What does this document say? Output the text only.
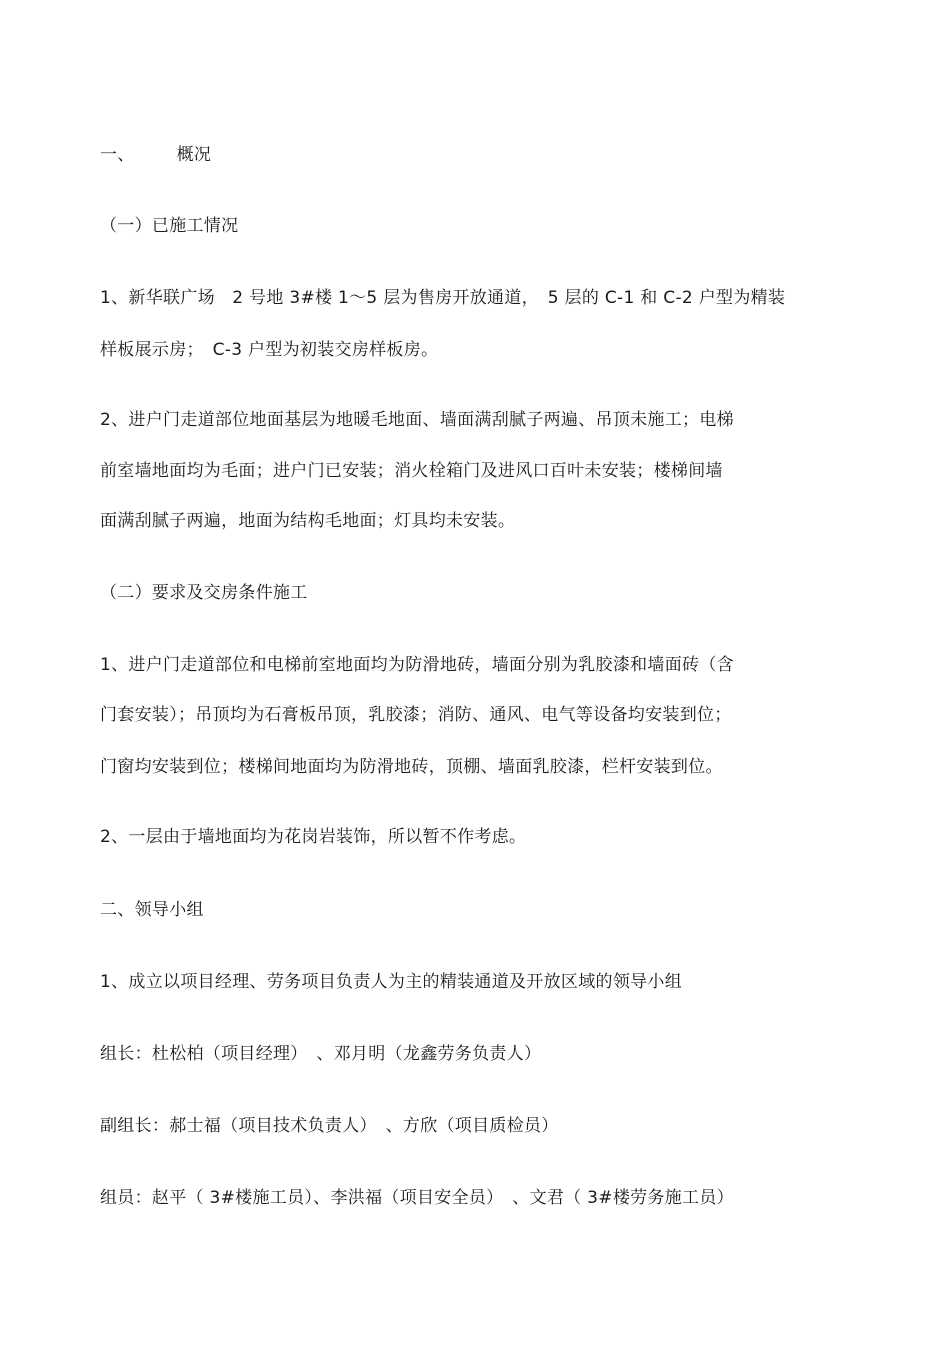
一、 概况
（一）已施工情况
1、新华联广场　2 号地 3#楼 1～5 层为售房开放通道，　5 层的 C-1 和 C-2 户型为精装
样板展示房；　C-3 户型为初装交房样板房。
2、进户门走道部位地面基层为地暖毛地面、墙面满刮腻子两遍、吊顶未施工；电梯
前室墙地面均为毛面；进户门已安装；消火栓箱门及进风口百叶未安装；楼梯间墙
面满刮腻子两遍，地面为结构毛地面；灯具均未安装。
（二）要求及交房条件施工
1、进户门走道部位和电梯前室地面均为防滑地砖，墙面分别为乳胶漆和墙面砖（含
门套安装）；吊顶均为石膏板吊顶，乳胶漆；消防、通风、电气等设备均安装到位；
门窗均安装到位；楼梯间地面均为防滑地砖，顶棚、墙面乳胶漆，栏杆安装到位。
2、一层由于墙地面均为花岗岩装饰，所以暂不作考虑。
二、领导小组
1、成立以项目经理、劳务项目负责人为主的精装通道及开放区域的领导小组
组长：杜松柏（项目经理）　、邓月明（龙鑫劳务负责人）
副组长：郝士福（项目技术负责人）　、方欣（项目质检员）
组员：赵平（ 3#楼施工员）、李洪福（项目安全员）　、文君（ 3#楼劳务施工员）
